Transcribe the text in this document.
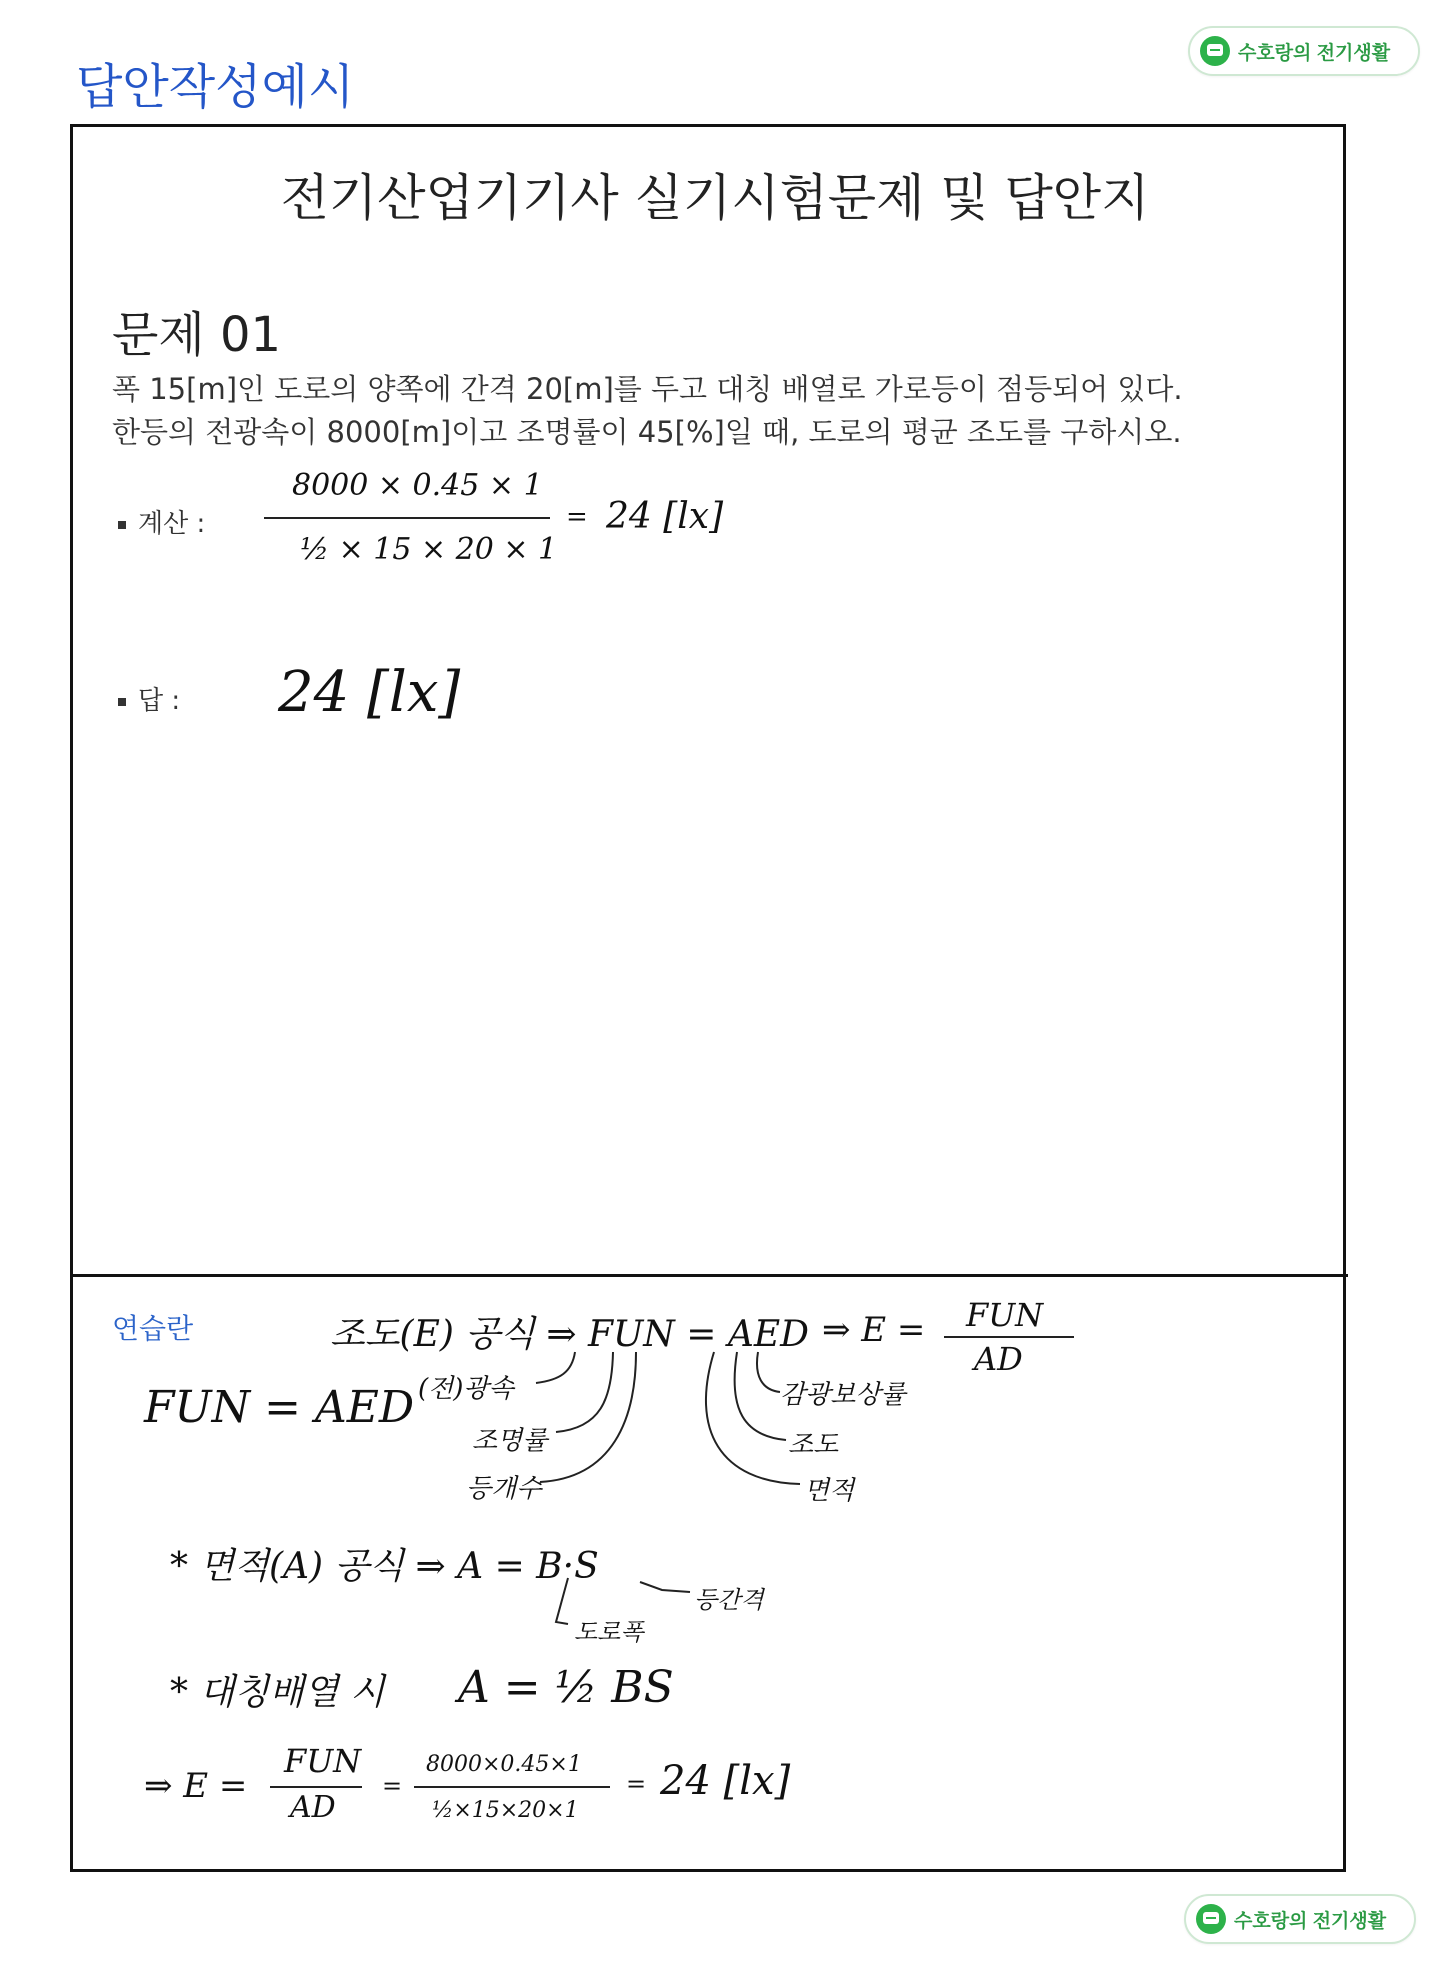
답안작성예시
수호랑의 전기생활
전기산업기기사 실기시험문제 및 답안지
문제 01
폭 15[m]인 도로의 양쪽에 간격 20[m]를 두고 대칭 배열로 가로등이 점등되어 있다.
한등의 전광속이 8000[m]이고 조명률이 45[%]일 때, 도로의 평균 조도를 구하시오.
계산 :
8000 × 0.45 × 1
½ × 15 × 20 × 1
= 24 [lx]
답 : 24 [lx]
연습란	조도(E) 공식 ⇒ FUN = AED ⇒ E = FUN
AD
FUN = AED (전)광속
조명률
등개수
감광보상률
조도
면적
* 면적(A) 공식 ⇒ A = B·S
도로폭
등간격
* 대칭배열 시 A = ½ BS
⇒ E =
FUN
AD
=
8000×0.45×1
½×15×20×1
= 24 [lx]
수호랑의 전기생활
